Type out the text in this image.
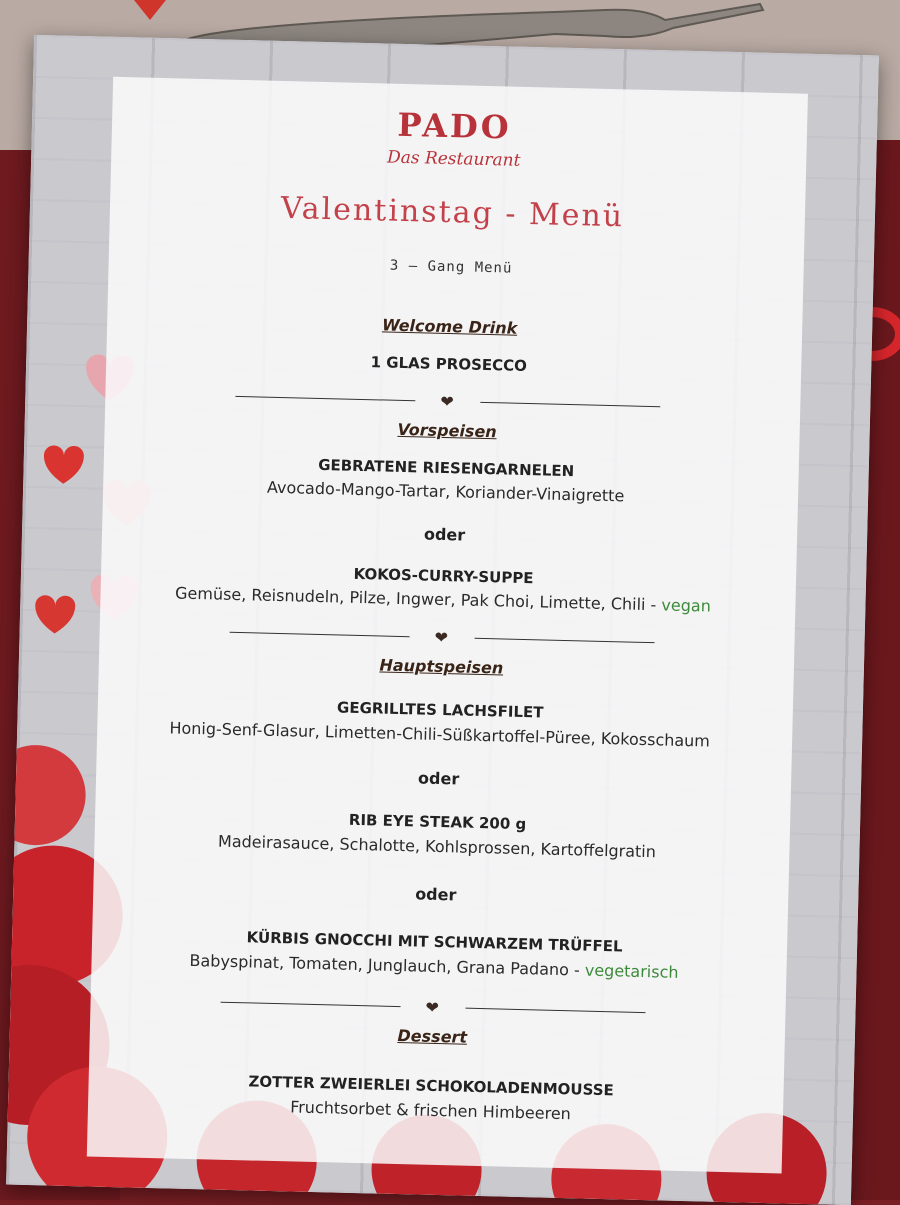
PADO
Das Restaurant
Valentinstag - Menü
3 – Gang Menü
Welcome Drink
1 GLAS PROSECCO
❤
Vorspeisen
GEBRATENE RIESENGARNELEN
Avocado-Mango-Tartar, Koriander-Vinaigrette
oder
KOKOS-CURRY-SUPPE
Gemüse, Reisnudeln, Pilze, Ingwer, Pak Choi, Limette, Chili - vegan
❤
Hauptspeisen
GEGRILLTES LACHSFILET
Honig-Senf-Glasur, Limetten-Chili-Süßkartoffel-Püree, Kokosschaum
oder
RIB EYE STEAK 200 g
Madeirasauce, Schalotte, Kohlsprossen, Kartoffelgratin
oder
KÜRBIS GNOCCHI MIT SCHWARZEM TRÜFFEL
Babyspinat, Tomaten, Junglauch, Grana Padano - vegetarisch
❤
Dessert
ZOTTER ZWEIERLEI SCHOKOLADENMOUSSE
Fruchtsorbet & frischen Himbeeren
